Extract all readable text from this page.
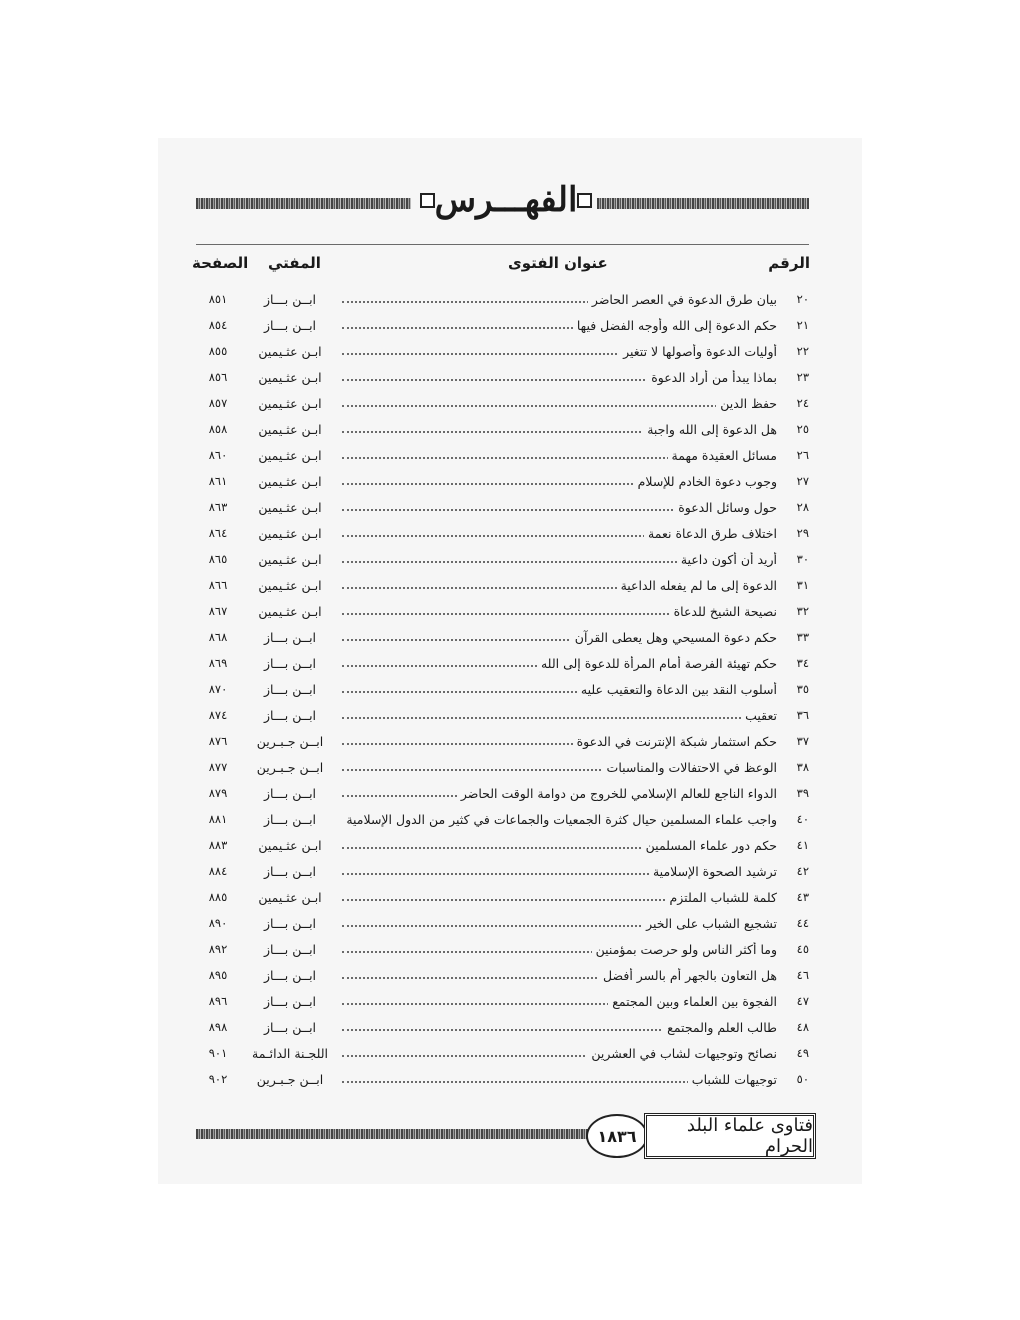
الفهـــرس
الرقم
عنوان الفتوى
المفتي
الصفحة
٢٠
بيان طرق الدعوة في العصر الحاضر
ابــن بـــاز
٨٥١
٢١
حكم الدعوة إلى الله وأوجه الفضل فيها
ابــن بـــاز
٨٥٤
٢٢
أوليات الدعوة وأصولها لا تتغير
ابـن عثـيمين
٨٥٥
٢٣
بماذا يبدأ من أراد الدعوة
ابـن عثـيمين
٨٥٦
٢٤
حفظ الدين
ابـن عثـيمين
٨٥٧
٢٥
هل الدعوة إلى الله واجبة
ابـن عثـيمين
٨٥٨
٢٦
مسائل العقيدة مهمة
ابـن عثـيمين
٨٦٠
٢٧
وجوب دعوة الخادم للإسلام
ابـن عثـيمين
٨٦١
٢٨
حول وسائل الدعوة
ابـن عثـيمين
٨٦٣
٢٩
اختلاف طرق الدعاة نعمة
ابـن عثـيمين
٨٦٤
٣٠
أريد أن أكون داعية
ابـن عثـيمين
٨٦٥
٣١
الدعوة إلى ما لم يفعله الداعية
ابـن عثـيمين
٨٦٦
٣٢
نصيحة الشيخ للدعاة
ابـن عثـيمين
٨٦٧
٣٣
حكم دعوة المسيحي وهل يعطى القرآن
ابــن بـــاز
٨٦٨
٣٤
حكم تهيئة الفرصة أمام المرأة للدعوة إلى الله
ابــن بـــاز
٨٦٩
٣٥
أسلوب النقد بين الدعاة والتعقيب عليه
ابــن بـــاز
٨٧٠
٣٦
تعقيب
ابــن بـــاز
٨٧٤
٣٧
حكم استثمار شبكة الإنترنت في الدعوة
ابــن جـبـرين
٨٧٦
٣٨
الوعظ في الاحتفالات والمناسبات
ابــن جـبـرين
٨٧٧
٣٩
الدواء الناجع للعالم الإسلامي للخروج من دوامة الوقت الحاضر
ابــن بـــاز
٨٧٩
٤٠
واجب علماء المسلمين حيال كثرة الجمعيات والجماعات في كثير من الدول الإسلامية
ابــن بـــاز
٨٨١
٤١
حكم دور علماء المسلمين
ابـن عثـيمين
٨٨٣
٤٢
ترشيد الصحوة الإسلامية
ابــن بـــاز
٨٨٤
٤٣
كلمة للشباب الملتزم
ابـن عثـيمين
٨٨٥
٤٤
تشجيع الشباب على الخير
ابــن بـــاز
٨٩٠
٤٥
وما أكثر الناس ولو حرصت بمؤمنين
ابــن بـــاز
٨٩٢
٤٦
هل التعاون بالجهر أم بالسر أفضل
ابــن بـــاز
٨٩٥
٤٧
الفجوة بين العلماء وبين المجتمع
ابــن بـــاز
٨٩٦
٤٨
طالب العلم والمجتمع
ابــن بـــاز
٨٩٨
٤٩
نصائح وتوجيهات لشاب في العشرين
اللجـنة الدائـمة
٩٠١
٥٠
توجيهات للشباب
ابــن جـبـرين
٩٠٢
١٨٣٦	فتاوى علماء البلد الحرام
